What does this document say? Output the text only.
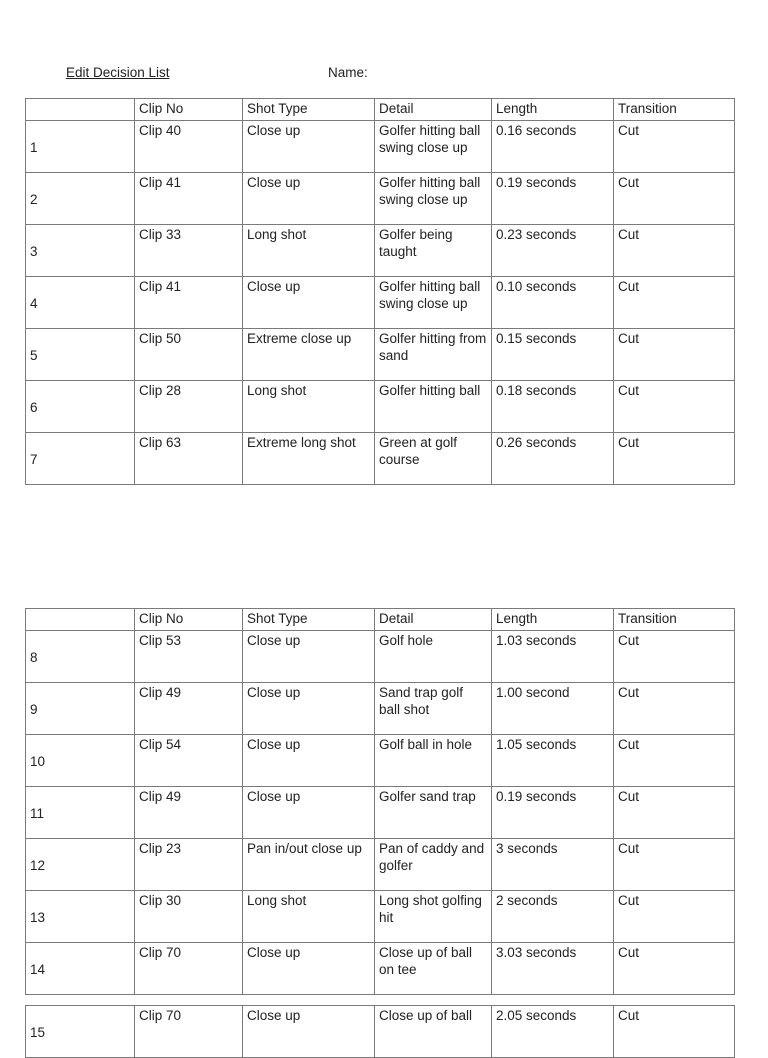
Edit Decision List	Name:
	Clip No	Shot Type	Detail	Length	Transition
1	Clip 40	Close up	Golfer hitting ball swing close up	0.16 seconds	Cut
2	Clip 41	Close up	Golfer hitting ball swing close up	0.19 seconds	Cut
3	Clip 33	Long shot	Golfer being taught	0.23 seconds	Cut
4	Clip 41	Close up	Golfer hitting ball swing close up	0.10 seconds	Cut
5	Clip 50	Extreme close up	Golfer hitting from sand	0.15 seconds	Cut
6	Clip 28	Long shot	Golfer hitting ball	0.18 seconds	Cut
7	Clip 63	Extreme long shot	Green at golf course	0.26 seconds	Cut
	Clip No	Shot Type	Detail	Length	Transition
8	Clip 53	Close up	Golf hole	1.03 seconds	Cut
9	Clip 49	Close up	Sand trap golf ball shot	1.00 second	Cut
10	Clip 54	Close up	Golf ball in hole	1.05 seconds	Cut
11	Clip 49	Close up	Golfer sand trap	0.19 seconds	Cut
12	Clip 23	Pan in/out close up	Pan of caddy and golfer	3 seconds	Cut
13	Clip 30	Long shot	Long shot golfing hit	2 seconds	Cut
14	Clip 70	Close up	Close up of ball on tee	3.03 seconds	Cut
15	Clip 70	Close up	Close up of ball	2.05 seconds	Cut
